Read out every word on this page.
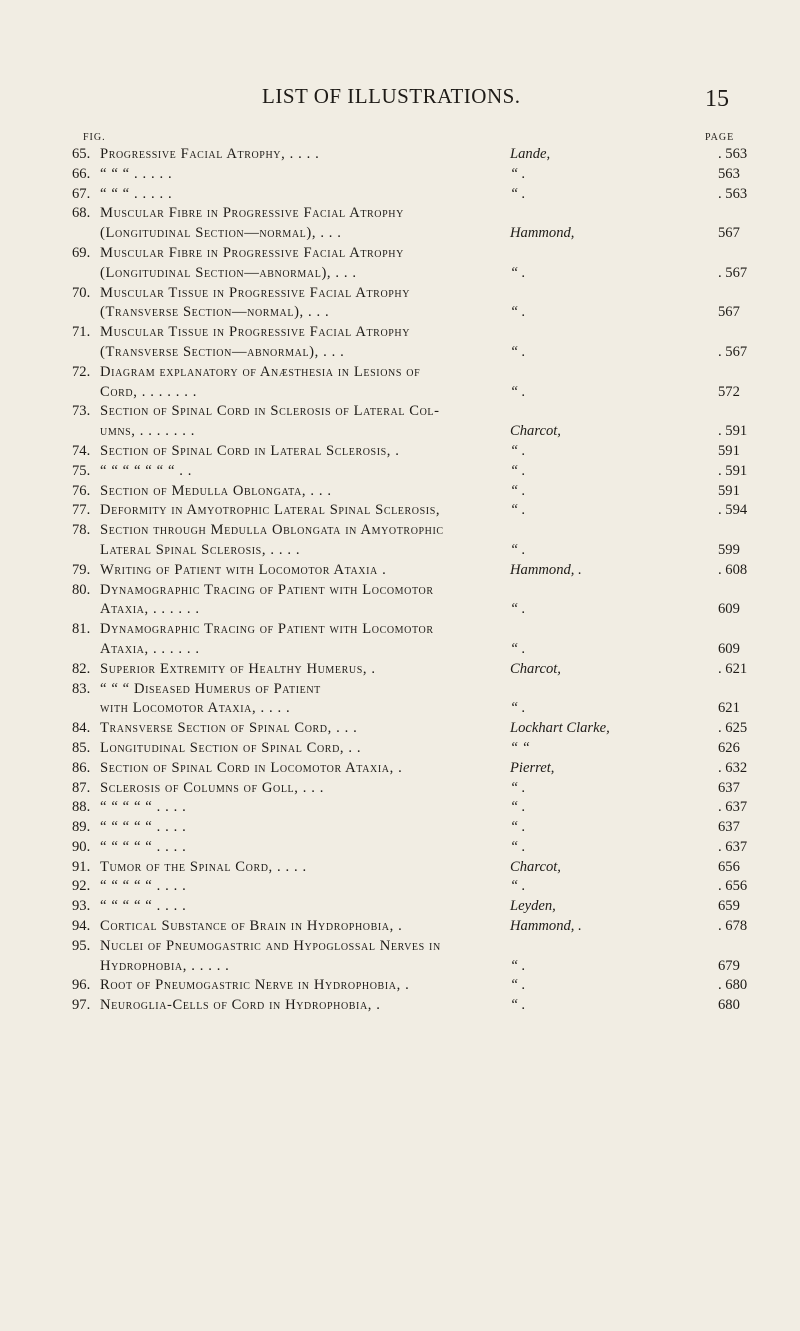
LIST OF ILLUSTRATIONS.	15
FIG.	PAGE
65. Progressive Facial Atrophy, . . . .	Lande,	. 563
66. “ “ “ . . . . .	“ .	563
67. “ “ “ . . . . .	“ .	. 563
68. Muscular Fibre in Progressive Facial Atrophy
(Longitudinal Section—normal), . . .	Hammond,	567
69. Muscular Fibre in Progressive Facial Atrophy
(Longitudinal Section—abnormal), . . .	“ .	. 567
70. Muscular Tissue in Progressive Facial Atrophy
(Transverse Section—normal), . . .	“ .	567
71. Muscular Tissue in Progressive Facial Atrophy
(Transverse Section—abnormal), . . .	“ .	. 567
72. Diagram explanatory of Anæsthesia in Lesions of
Cord, . . . . . . .	“ .	572
73. Section of Spinal Cord in Sclerosis of Lateral Col-
umns, . . . . . . .	Charcot,	. 591
74. Section of Spinal Cord in Lateral Sclerosis, .	“ .	591
75. “ “ “ “ “ “ “ . .	“ .	. 591
76. Section of Medulla Oblongata, . . .	“ .	591
77. Deformity in Amyotrophic Lateral Spinal Sclerosis,	“ .	. 594
78. Section through Medulla Oblongata in Amyotrophic
Lateral Spinal Sclerosis, . . . .	“ .	599
79. Writing of Patient with Locomotor Ataxia .	Hammond, .	. 608
80. Dynamographic Tracing of Patient with Locomotor
Ataxia, . . . . . .	“ .	609
81. Dynamographic Tracing of Patient with Locomotor
Ataxia, . . . . . .	“ .	609
82. Superior Extremity of Healthy Humerus, .	Charcot,	. 621
83. “ “ “ Diseased Humerus of Patient
with Locomotor Ataxia, . . . .	“ .	621
84. Transverse Section of Spinal Cord, . . .	Lockhart Clarke,	. 625
85. Longitudinal Section of Spinal Cord, . .	“ “	626
86. Section of Spinal Cord in Locomotor Ataxia, .	Pierret,	. 632
87. Sclerosis of Columns of Goll, . . .	“ .	637
88. “ “ “ “ “ . . . .	“ .	. 637
89. “ “ “ “ “ . . . .	“ .	637
90. “ “ “ “ “ . . . .	“ .	. 637
91. Tumor of the Spinal Cord, . . . .	Charcot,	656
92. “ “ “ “ “ . . . .	“ .	. 656
93. “ “ “ “ “ . . . .	Leyden,	659
94. Cortical Substance of Brain in Hydrophobia, .	Hammond, .	. 678
95. Nuclei of Pneumogastric and Hypoglossal Nerves in
Hydrophobia, . . . . .	“ .	679
96. Root of Pneumogastric Nerve in Hydrophobia, .	“ .	. 680
97. Neuroglia-Cells of Cord in Hydrophobia, .	“ .	680
